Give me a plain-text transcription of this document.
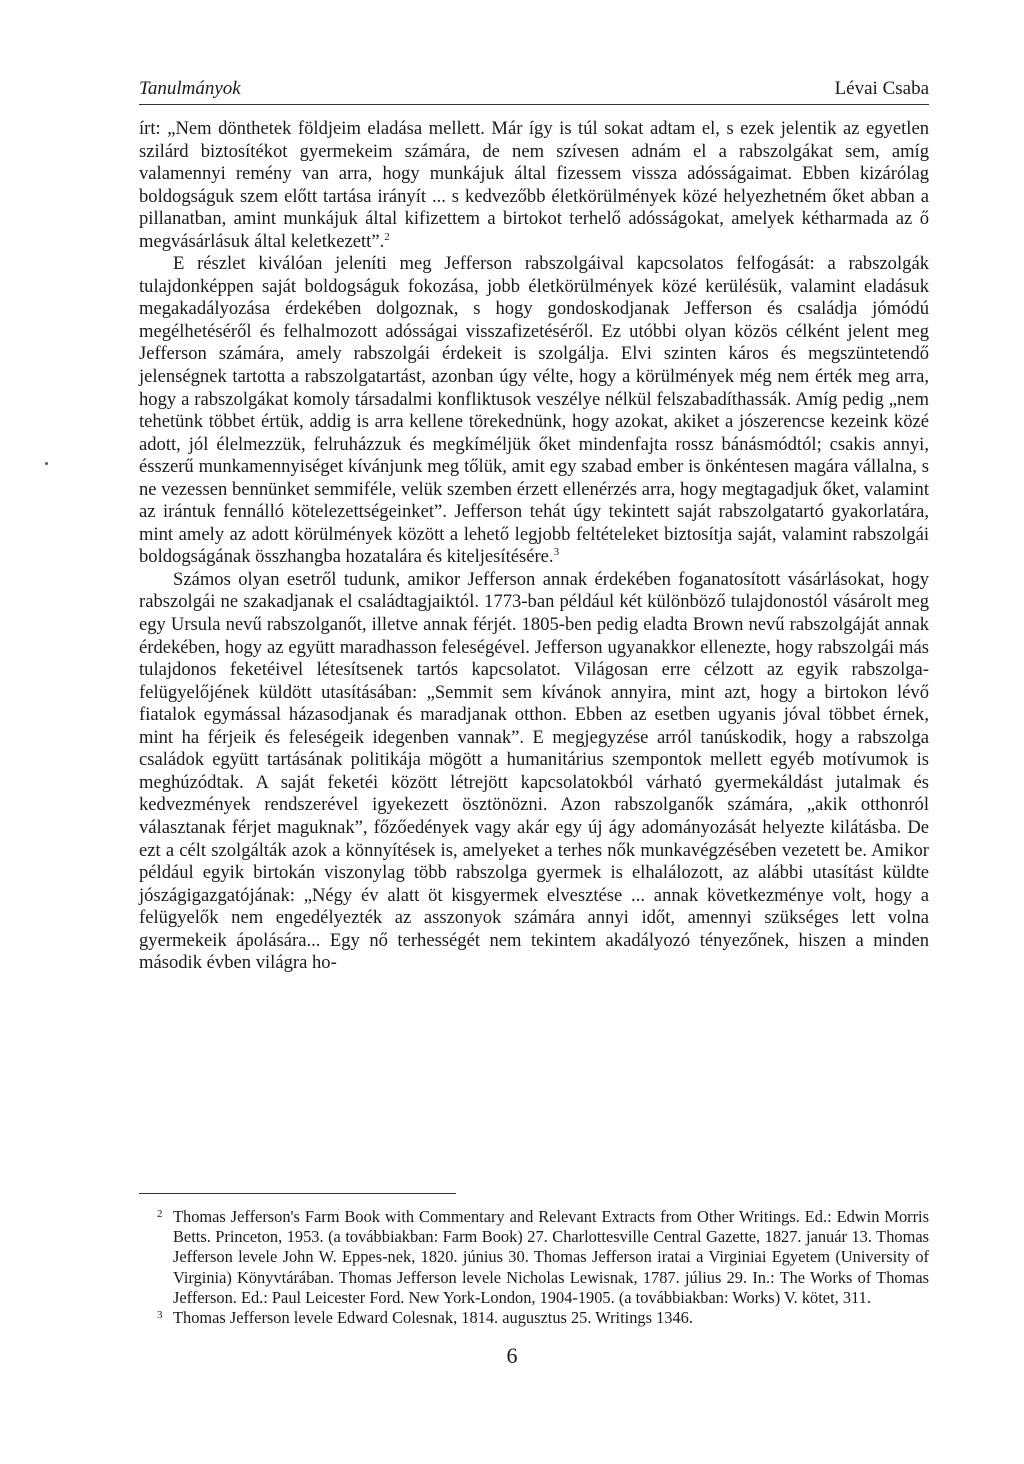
Tanulmányok	Lévai Csaba

írt: „Nem dönthetek földjeim eladása mellett. Már így is túl sokat adtam el, s ezek jelentik az egyetlen szilárd biztosítékot gyermekeim számára, de nem szívesen adnám el a rabszolgákat sem, amíg valamennyi remény van arra, hogy munkájuk által fizessem vissza adósságaimat. Ebben kizárólag boldogságuk szem előtt tartása irányít ... s kedvezőbb életkörülmények közé helyezhetném őket abban a pillanatban, amint munkájuk által kifizettem a birtokot terhelő adósságokat, amelyek kétharmada az ő megvásárlásuk által keletkezett”.$^2$

E részlet kiválóan jeleníti meg Jefferson rabszolgáival kapcsolatos felfogását: a rabszolgák tulajdonképpen saját boldogságuk fokozása, jobb életkörülmények közé kerülésük, valamint eladásuk megakadályozása érdekében dolgoznak, s hogy gondoskodjanak Jefferson és családja jómódú megélhetéséről és felhalmozott adósságai visszafizetéséről. Ez utóbbi olyan közös célként jelent meg Jefferson számára, amely rabszolgái érdekeit is szolgálja. Elvi szinten káros és megszüntetendő jelenségnek tartotta a rabszolgatartást, azonban úgy vélte, hogy a körülmények még nem érték meg arra, hogy a rabszolgákat komoly társadalmi konfliktusok veszélye nélkül felszabadíthassák. Amíg pedig „nem tehetünk többet értük, addig is arra kellene törekednünk, hogy azokat, akiket a jószerencse kezeink közé adott, jól élelmezzük, felruházzuk és megkíméljük őket mindenfajta rossz bánásmódtól; csakis annyi, ésszerű munkamennyiséget kívánjunk meg tőlük, amit egy szabad ember is önkéntesen magára vállalna, s ne vezessen bennünket semmiféle, velük szemben érzett ellenérzés arra, hogy megtagadjuk őket, valamint az irántuk fennálló kötelezettségeinket”. Jefferson tehát úgy tekintett saját rabszolgatartó gyakorlatára, mint amely az adott körülmények között a lehető legjobb feltételeket biztosítja saját, valamint rabszolgái boldogságának összhangba hozatalára és kiteljesítésére.$^3$

Számos olyan esetről tudunk, amikor Jefferson annak érdekében foganatosított vásárlásokat, hogy rabszolgái ne szakadjanak el családtagjaiktól. 1773-ban például két különböző tulajdonostól vásárolt meg egy Ursula nevű rabszolganőt, illetve annak férjét. 1805-ben pedig eladta Brown nevű rabszolgáját annak érdekében, hogy az együtt maradhasson feleségével. Jefferson ugyanakkor ellenezte, hogy rabszolgái más tulajdonos feketéivel létesítsenek tartós kapcsolatot. Világosan erre célzott az egyik rabszolga-felügyelőjének küldött utasításában: „Semmit sem kívánok annyira, mint azt, hogy a birtokon lévő fiatalok egymással házasodjanak és maradjanak otthon. Ebben az esetben ugyanis jóval többet érnek, mint ha férjeik és feleségeik idegenben vannak”. E megjegyzése arról tanúskodik, hogy a rabszolga családok együtt tartásának politikája mögött a humanitárius szempontok mellett egyéb motívumok is meghúzódtak. A saját feketéi között létrejött kapcsolatokból várható gyermekáldást jutalmak és kedvezmények rendszerével igyekezett ösztönözni. Azon rabszolganők számára, „akik otthonról választanak férjet maguknak”, főzőedények vagy akár egy új ágy adományozását helyezte kilátásba. De ezt a célt szolgálták azok a könnyítések is, amelyeket a terhes nők munkavégzésében vezetett be. Amikor például egyik birtokán viszonylag több rabszolga gyermek is elhalálozott, az alábbi utasítást küldte jószágigazgatójának: „Négy év alatt öt kisgyermek elvesztése ... annak következménye volt, hogy a felügyelők nem engedélyezték az asszonyok számára annyi időt, amennyi szükséges lett volna gyermekeik ápolására... Egy nő terhességét nem tekintem akadályozó tényezőnek, hiszen a minden második évben világra ho-

2 Thomas Jefferson's Farm Book with Commentary and Relevant Extracts from Other Writings. Ed.: Edwin Morris Betts. Princeton, 1953. (a továbbiakban: Farm Book) 27. Charlottesville Central Gazette, 1827. január 13. Thomas Jefferson levele John W. Eppes-nek, 1820. június 30. Thomas Jefferson iratai a Virginiai Egyetem (University of Virginia) Könyvtárában. Thomas Jefferson levele Nicholas Lewisnak, 1787. július 29. In.: The Works of Thomas Jefferson. Ed.: Paul Leicester Ford. New York-London, 1904-1905. (a továbbiakban: Works) V. kötet, 311.

3 Thomas Jefferson levele Edward Colesnak, 1814. augusztus 25. Writings 1346.

6
